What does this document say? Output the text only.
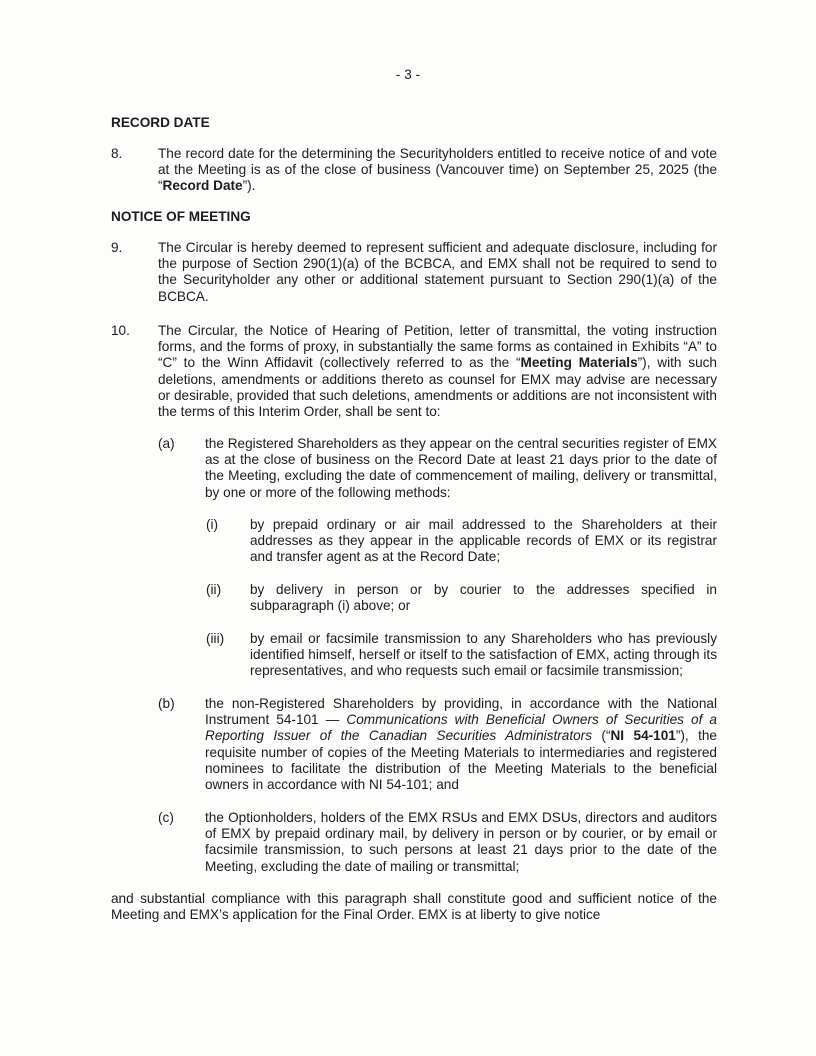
- 3 -
RECORD DATE
8.	The record date for the determining the Securityholders entitled to receive notice of and vote at the Meeting is as of the close of business (Vancouver time) on September 25, 2025 (the “Record Date”).
NOTICE OF MEETING
9.	The Circular is hereby deemed to represent sufficient and adequate disclosure, including for the purpose of Section 290(1)(a) of the BCBCA, and EMX shall not be required to send to the Securityholder any other or additional statement pursuant to Section 290(1)(a) of the BCBCA.
10. The Circular, the Notice of Hearing of Petition, letter of transmittal, the voting instruction forms, and the forms of proxy, in substantially the same forms as contained in Exhibits “A” to “C” to the Winn Affidavit (collectively referred to as the “Meeting Materials”), with such deletions, amendments or additions thereto as counsel for EMX may advise are necessary or desirable, provided that such deletions, amendments or additions are not inconsistent with the terms of this Interim Order, shall be sent to:
(a) the Registered Shareholders as they appear on the central securities register of EMX as at the close of business on the Record Date at least 21 days prior to the date of the Meeting, excluding the date of commencement of mailing, delivery or transmittal, by one or more of the following methods:
(i) by prepaid ordinary or air mail addressed to the Shareholders at their addresses as they appear in the applicable records of EMX or its registrar and transfer agent as at the Record Date;
(ii) by delivery in person or by courier to the addresses specified in subparagraph (i) above; or
(iii) by email or facsimile transmission to any Shareholders who has previously identified himself, herself or itself to the satisfaction of EMX, acting through its representatives, and who requests such email or facsimile transmission;
(b) the non-Registered Shareholders by providing, in accordance with the National Instrument 54-101 — Communications with Beneficial Owners of Securities of a Reporting Issuer of the Canadian Securities Administrators (“NI 54-101”), the requisite number of copies of the Meeting Materials to intermediaries and registered nominees to facilitate the distribution of the Meeting Materials to the beneficial owners in accordance with NI 54-101; and
(c) the Optionholders, holders of the EMX RSUs and EMX DSUs, directors and auditors of EMX by prepaid ordinary mail, by delivery in person or by courier, or by email or facsimile transmission, to such persons at least 21 days prior to the date of the Meeting, excluding the date of mailing or transmittal;
and substantial compliance with this paragraph shall constitute good and sufficient notice of the Meeting and EMX’s application for the Final Order. EMX is at liberty to give notice
